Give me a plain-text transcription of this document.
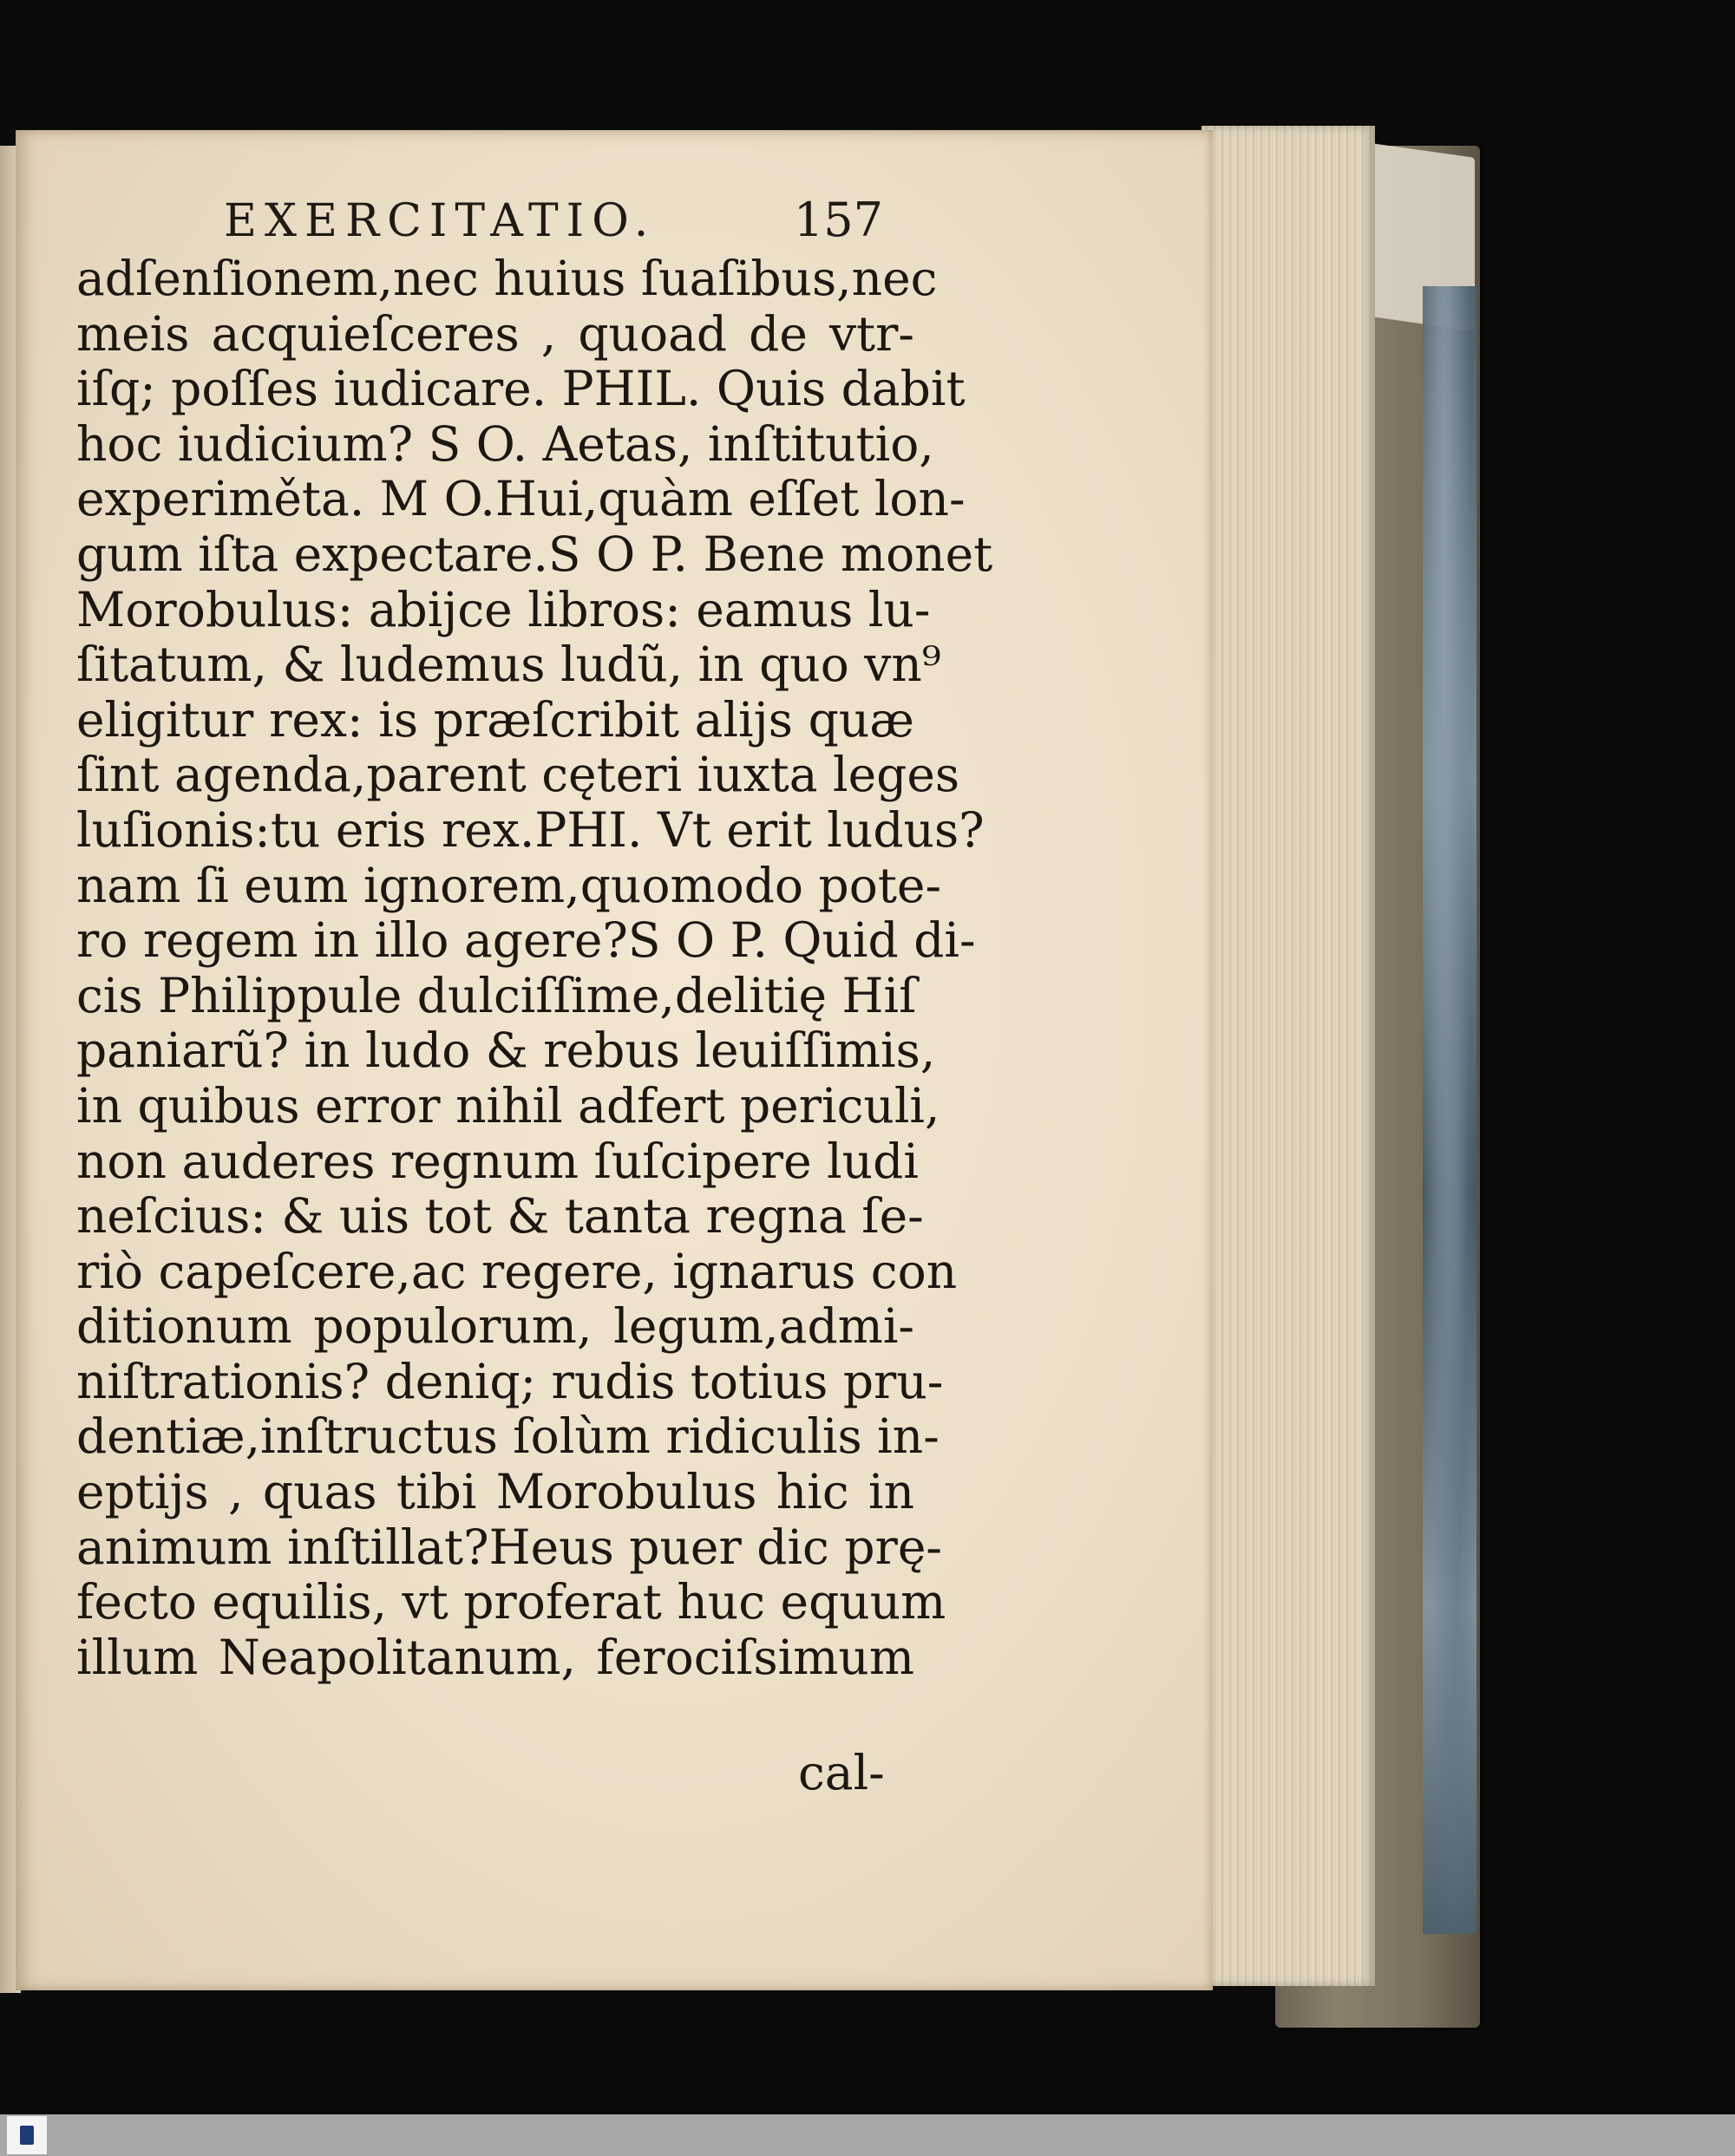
EXERCITATIO.	157
adſenſionem,nec huius ſuaſibus,nec
meis acquieſceres , quoad de vtr-
iſq; poſſes iudicare. PHIL. Quis dabit
hoc iudicium? S O. Aetas, inſtitutio,
experiměta. M O.Hui,quàm eſſet lon-
gum iſta expectare.S O P. Bene monet
Morobulus: abijce libros: eamus lu-
ſitatum, & ludemus ludũ, in quo vn⁹
eligitur rex: is præſcribit alijs quæ
ſint agenda,parent cęteri iuxta leges
luſionis:tu eris rex.PHI. Vt erit ludus?
nam ſi eum ignorem,quomodo pote-
ro regem in illo agere?S O P. Quid di-
cis Philippule dulciſſime,delitię Hiſ
paniarũ? in ludo & rebus leuiſſimis,
in quibus error nihil adfert periculi,
non auderes regnum ſuſcipere ludi
neſcius: & uis tot & tanta regna ſe-
riò capeſcere,ac regere, ignarus con
ditionum populorum, legum,admi-
niſtrationis? deniq; rudis totius pru-
dentiæ,inſtructus ſolùm ridiculis in-
eptijs , quas tibi Morobulus hic in
animum inſtillat?Heus puer dic prę-
fecto equilis, vt proferat huc equum
illum Neapolitanum, ferociſsimum
cal-
